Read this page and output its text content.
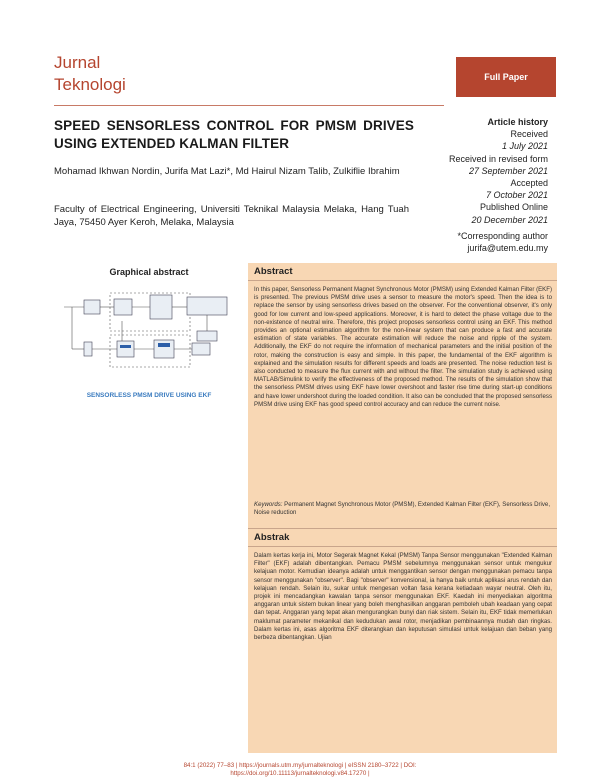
Jurnal
Teknologi	Full Paper
SPEED SENSORLESS CONTROL FOR PMSM DRIVES USING EXTENDED KALMAN FILTER
Mohamad Ikhwan Nordin, Jurifa Mat Lazi*, Md Hairul Nizam Talib, Zulkiflie Ibrahim
Faculty of Electrical Engineering, Universiti Teknikal Malaysia Melaka, Hang Tuah Jaya, 75450 Ayer Keroh, Melaka, Malaysia
Article history
Received
1 July 2021
Received in revised form
27 September 2021
Accepted
7 October 2021
Published Online
20 December 2021
*Corresponding author
jurifa@utem.edu.my
Graphical abstract
SENSORLESS PMSM DRIVE USING EKF
Abstract
In this paper, Sensorless Permanent Magnet Synchronous Motor (PMSM) using Extended Kalman Filter (EKF) is presented. The previous PMSM drive uses a sensor to measure the motor's speed. Then the idea is to replace the sensor by using sensorless drives based on the observer. For the conventional observer, it's only good for low current and low-speed applications. Moreover, it is hard to detect the phase voltage due to the non-existence of neutral wire. Therefore, this project proposes sensorless control using an EKF. This method provides an optional estimation algorithm for the non-linear system that can produce a fast and accurate estimation of state variables. The accurate estimation will reduce the noise and ripple of the system. Additionally, the EKF do not require the information of mechanical parameters and the initial position of the rotor, making the construction is easy and simple. In this paper, the fundamental of the EKF algorithm is explained and the simulation results for different speeds and loads are presented. The noise reduction test is also conducted to measure the flux current with and without the filter. The simulation study is achieved using MATLAB/Simulink to verify the effectiveness of the proposed method. The results of the simulation show that the sensorless PMSM drives using EKF have lower overshoot and faster rise time during start-up conditions and have lower undershoot during the loaded condition. It also can be concluded that the proposed sensorless PMSM drive using EKF has good speed control accuracy and can reduce the current noise.
Keywords: Permanent Magnet Synchronous Motor (PMSM), Extended Kalman Filter (EKF), Sensorless Drive, Noise reduction
Abstrak
Dalam kertas kerja ini, Motor Segerak Magnet Kekal (PMSM) Tanpa Sensor menggunakan "Extended Kalman Filter" (EKF) adalah dibentangkan. Pemacu PMSM sebelumnya menggunakan sensor untuk mengukur kelajuan motor. Kemudian ideanya adalah untuk menggantikan sensor dengan menggunakan pemacu tanpa sensor menggunakan "observer". Bagi "observer" konvensional, ia hanya baik untuk aplikasi arus rendah dan kelajuan rendah. Selain itu, sukar untuk mengesan voltan fasa kerana ketiadaan wayar neutral. Oleh itu, projek ini mencadangkan kawalan tanpa sensor menggunakan EKF. Kaedah ini menyediakan algoritma anggaran untuk sistem bukan linear yang boleh menghasilkan anggaran pemboleh ubah keadaan yang cepat dan tepat. Anggaran yang tepat akan mengurangkan bunyi dan riak sistem. Selain itu, EKF tidak memerlukan maklumat parameter mekanikal dan kedudukan awal rotor, menjadikan pembinaannya mudah dan ringkas. Dalam kertas ini, asas algoritma EKF diterangkan dan keputusan simulasi untuk kelajuan dan beban yang berbeza dibentangkan. Ujian
84:1 (2022) 77–83 | https://journals.utm.my/jurnalteknologi | eISSN 2180–3722 | DOI:
https://doi.org/10.11113/jurnalteknologi.v84.17270 |
